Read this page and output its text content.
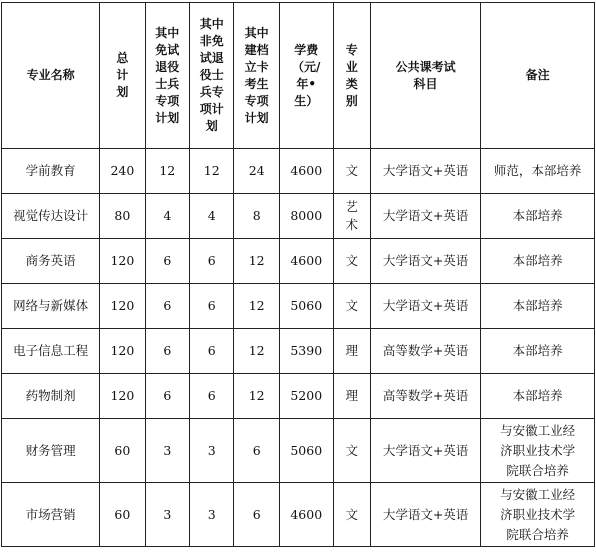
专业名称	总计划	其中免试退役士兵专项计划	其中非免试退役士兵专项计划	其中建档立卡考生专项计划	学费（元/年•生）	专业类别	公共课考试科目	备注
学前教育	240	12	12	24	4600	文	大学语文+英语	师范，本部培养
视觉传达设计	80	4	4	8	8000	艺术	大学语文+英语	本部培养
商务英语	120	6	6	12	4600	文	大学语文+英语	本部培养
网络与新媒体	120	6	6	12	5060	文	大学语文+英语	本部培养
电子信息工程	120	6	6	12	5390	理	高等数学+英语	本部培养
药物制剂	120	6	6	12	5200	理	高等数学+英语	本部培养
财务管理	60	3	3	6	5060	文	大学语文+英语	与安徽工业经济职业技术学院联合培养
市场营销	60	3	3	6	4600	文	大学语文+英语	与安徽工业经济职业技术学院联合培养
